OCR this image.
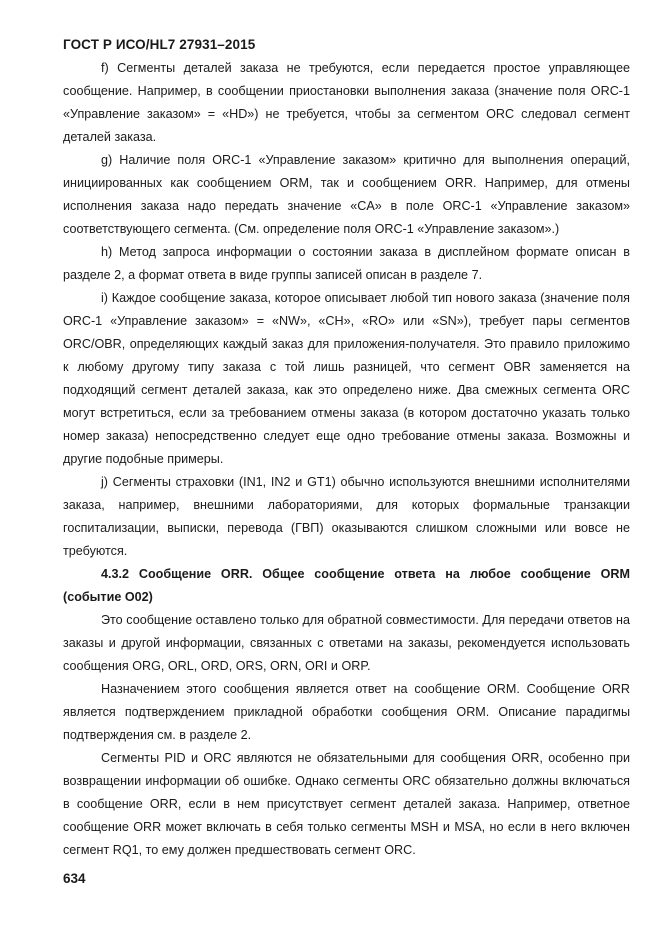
ГОСТ Р ИСО/HL7 27931–2015

f) Сегменты деталей заказа не требуются, если передается простое управляющее сообщение. Например, в сообщении приостановки выполнения заказа (значение поля ORC-1 «Управление заказом» = «HD») не требуется, чтобы за сегментом ORC следовал сегмент деталей заказа.

g) Наличие поля ORC-1 «Управление заказом» критично для выполнения операций, инициированных как сообщением ORM, так и сообщением ORR. Например, для отмены исполнения заказа надо передать значение «CA» в поле ORC-1 «Управление заказом» соответствующего сегмента. (См. определение поля ORC-1 «Управление заказом».)

h) Метод запроса информации о состоянии заказа в дисплейном формате описан в разделе 2, а формат ответа в виде группы записей описан в разделе 7.

i) Каждое сообщение заказа, которое описывает любой тип нового заказа (значение поля ORC-1 «Управление заказом» = «NW», «CH», «RO» или «SN»), требует пары сегментов ORC/OBR, определяющих каждый заказ для приложения-получателя. Это правило приложимо к любому другому типу заказа с той лишь разницей, что сегмент OBR заменяется на подходящий сегмент деталей заказа, как это определено ниже. Два смежных сегмента ORC могут встретиться, если за требованием отмены заказа (в котором достаточно указать только номер заказа) непосредственно следует еще одно требование отмены заказа. Возможны и другие подобные примеры.

j) Сегменты страховки (IN1, IN2 и GT1) обычно используются внешними исполнителями заказа, например, внешними лабораториями, для которых формальные транзакции госпитализации, выписки, перевода (ГВП) оказываются слишком сложными или вовсе не требуются.

4.3.2 Сообщение ORR. Общее сообщение ответа на любое сообщение ORM (событие O02)

Это сообщение оставлено только для обратной совместимости. Для передачи ответов на заказы и другой информации, связанных с ответами на заказы, рекомендуется использовать сообщения ORG, ORL, ORD, ORS, ORN, ORI и ORP.

Назначением этого сообщения является ответ на сообщение ORM. Сообщение ORR является подтверждением прикладной обработки сообщения ORM. Описание парадигмы подтверждения см. в разделе 2.

Сегменты PID и ORC являются не обязательными для сообщения ORR, особенно при возвращении информации об ошибке. Однако сегменты ORC обязательно должны включаться в сообщение ORR, если в нем присутствует сегмент деталей заказа. Например, ответное сообщение ORR может включать в себя только сегменты MSH и MSA, но если в него включен сегмент RQ1, то ему должен предшествовать сегмент ORC.

634
